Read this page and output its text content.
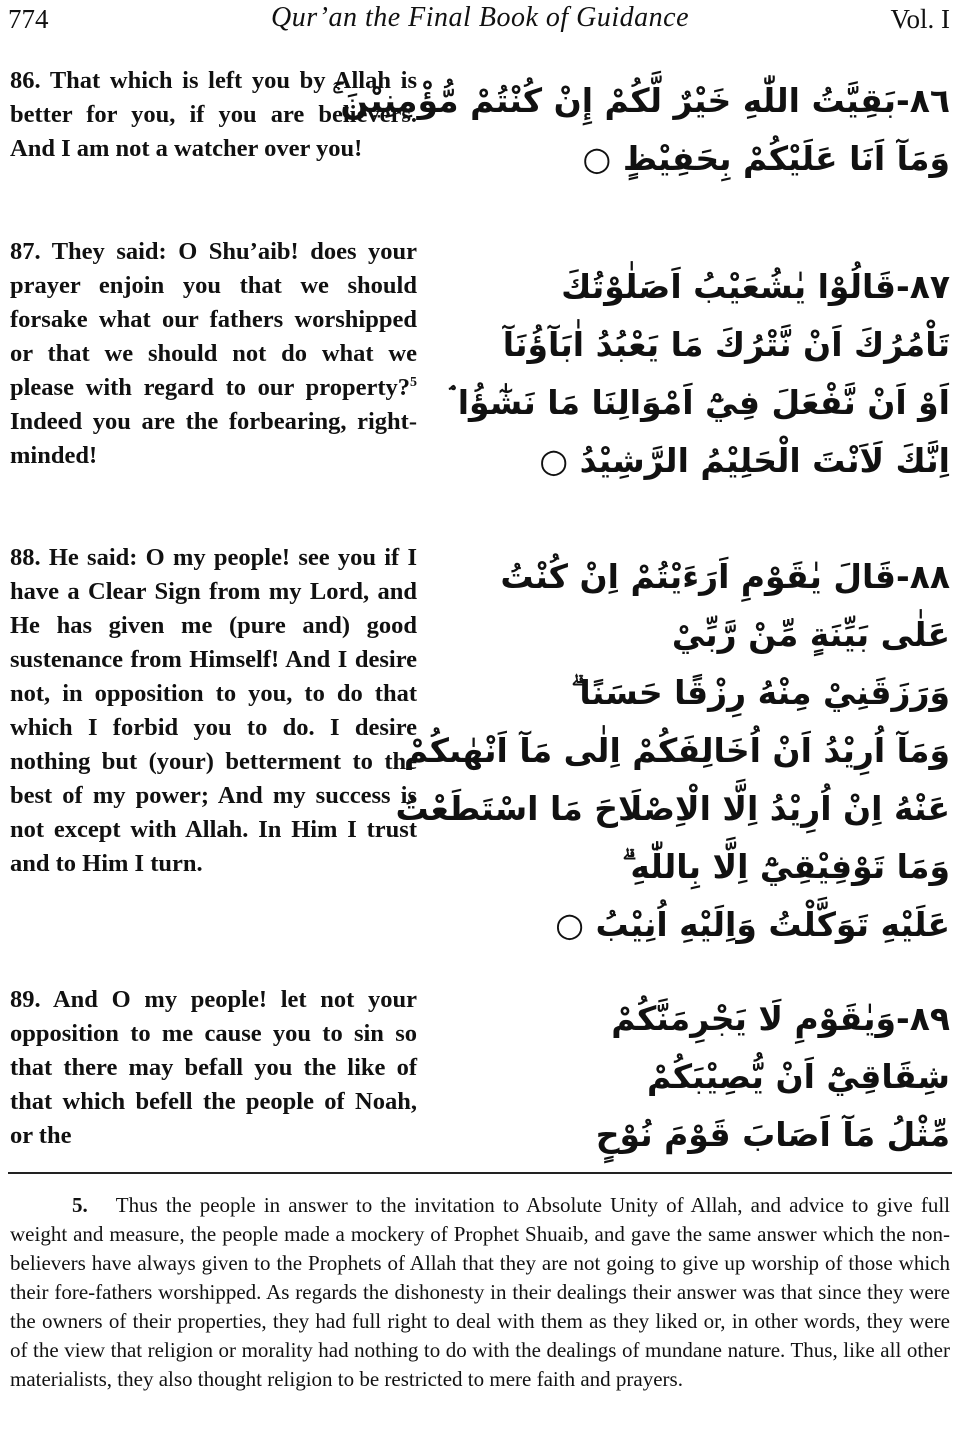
774	Qur’an the Final Book of Guidance	Vol. I
86. That which is left you by Allah is better for you, if you are believers. And I am not a watcher over you!
٨٦-بَقِيَّتُ اللّٰهِ خَيْرٌ لَّكُمْ إِنْ كُنْتُمْ مُّؤْمِنِيْنَ ۚ
وَمَآ اَنَا عَلَيْكُمْ بِحَفِيْظٍ ○
87. They said: O Shu’aib! does your prayer enjoin you that we should forsake what our fathers worshipped or that we should not do what we please with regard to our property?$^5$ Indeed you are the forbearing, right-minded!
٨٧-قَالُوْا يٰشُعَيْبُ اَصَلٰوْتُكَ
تَاْمُرُكَ اَنْ نَّتْرُكَ مَا يَعْبُدُ اٰبَآؤُنَآ
اَوْ اَنْ نَّفْعَلَ فِيْٓ اَمْوَالِنَا مَا نَشٰٓؤُا ۘ
اِنَّكَ لَاَنْتَ الْحَلِيْمُ الرَّشِيْدُ ○
88. He said: O my people! see you if I have a Clear Sign from my Lord, and He has given me (pure and) good sustenance from Himself! And I desire not, in opposition to you, to do that which I forbid you to do. I desire nothing but (your) betterment to the best of my power; And my success is not except with Allah. In Him I trust and to Him I turn.
٨٨-قَالَ يٰقَوْمِ اَرَءَيْتُمْ اِنْ كُنْتُ
عَلٰى بَيِّنَةٍ مِّنْ رَّبِّيْ
وَرَزَقَنِيْ مِنْهُ رِزْقًا حَسَنًا ۗ
وَمَآ اُرِيْدُ اَنْ اُخَالِفَكُمْ اِلٰى مَآ اَنْهٰىكُمْ
عَنْهُ اِنْ اُرِيْدُ اِلَّا الْاِصْلَاحَ مَا اسْتَطَعْتُ
وَمَا تَوْفِيْقِيْٓ اِلَّا بِاللّٰهِ ۗ
عَلَيْهِ تَوَكَّلْتُ وَاِلَيْهِ اُنِيْبُ ○
89. And O my people! let not your opposition to me cause you to sin so that there may befall you the like of that which befell the people of Noah, or the
٨٩-وَيٰقَوْمِ لَا يَجْرِمَنَّكُمْ
شِقَاقِيْٓ اَنْ يُّصِيْبَكُمْ
مِّثْلُ مَآ اَصَابَ قَوْمَ نُوْحٍ
5. Thus the people in answer to the invitation to Absolute Unity of Allah, and advice to give full weight and measure, the people made a mockery of Prophet Shuaib, and gave the same answer which the non-believers have always given to the Prophets of Allah that they are not going to give up worship of those which their fore-fathers worshipped. As regards the dishonesty in their dealings their answer was that since they were the owners of their properties, they had full right to deal with them as they liked or, in other words, they were of the view that religion or morality had nothing to do with the dealings of mundane nature. Thus, like all other materialists, they also thought religion to be restricted to mere faith and prayers.
